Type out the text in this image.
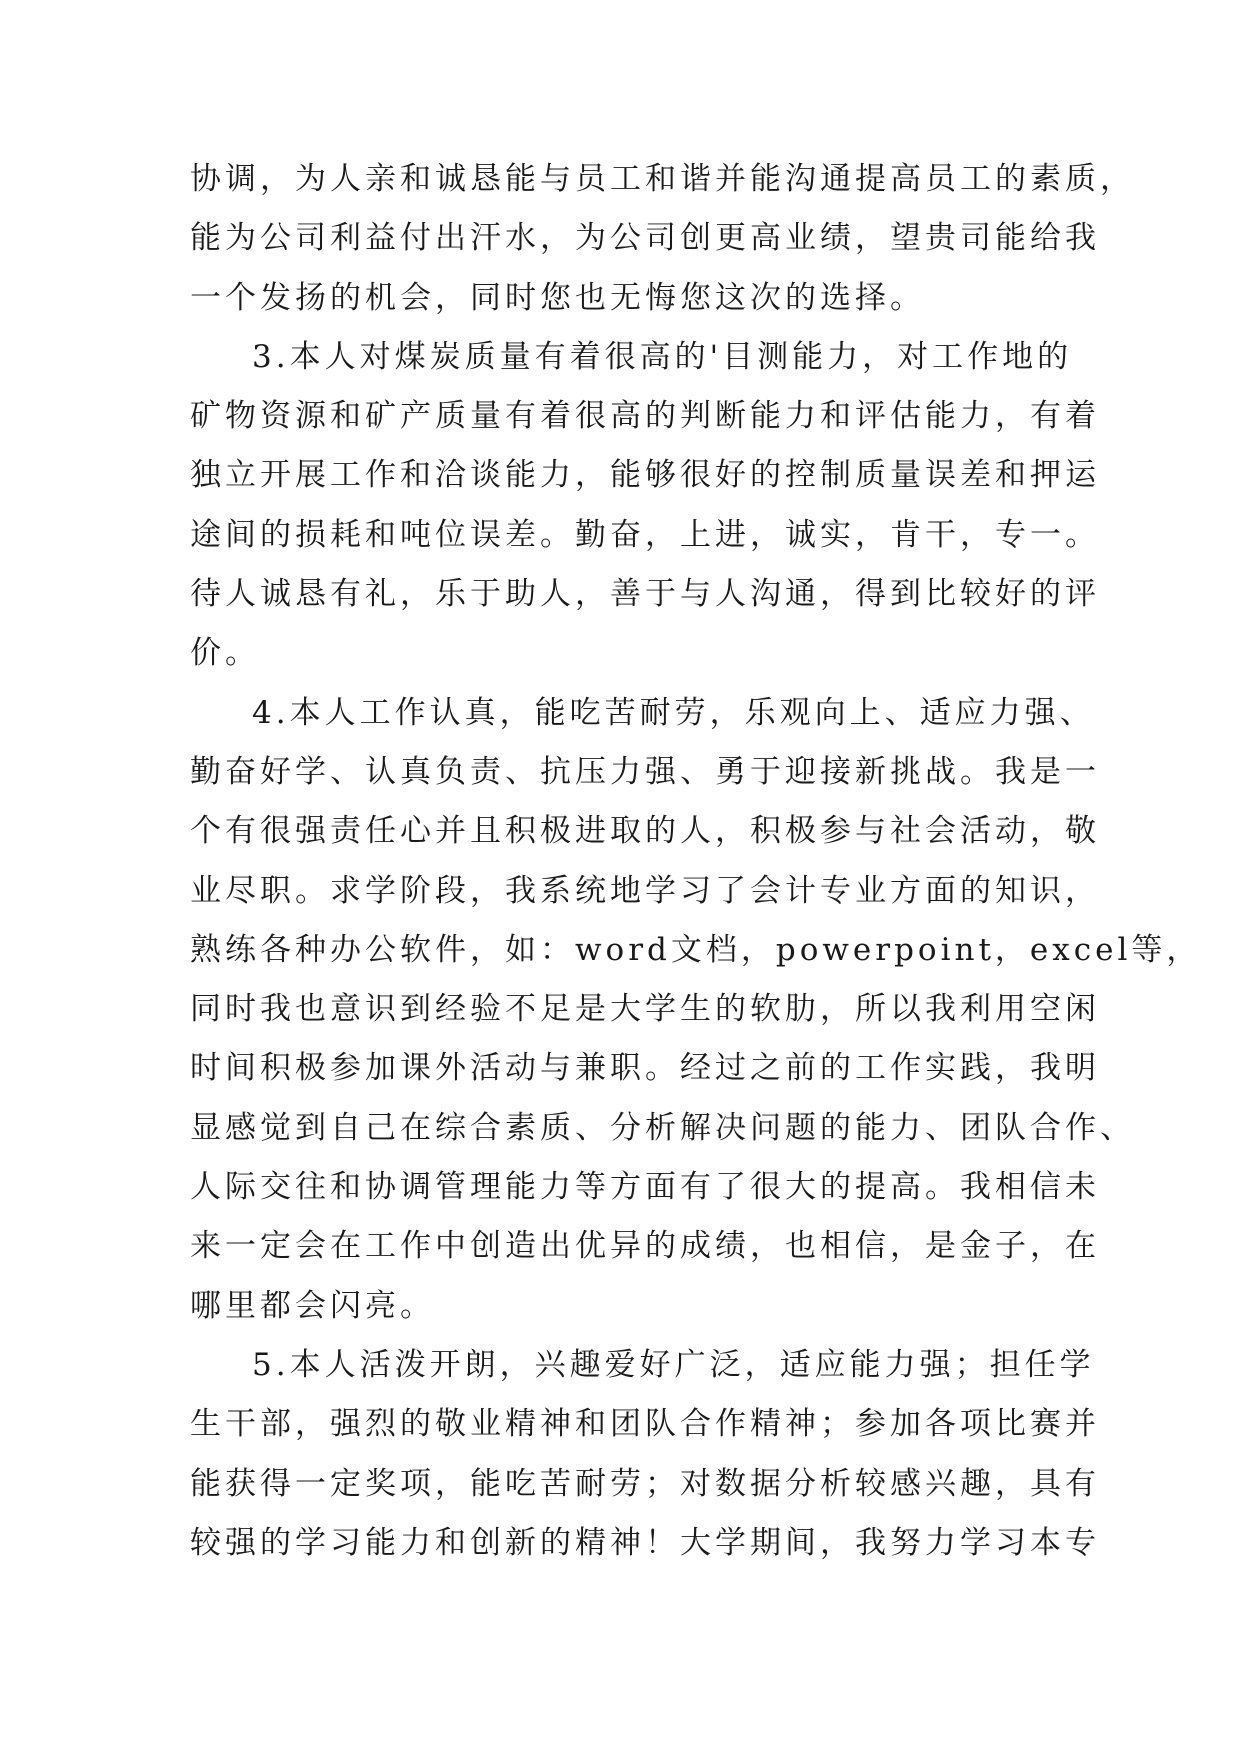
协调，为人亲和诚恳能与员工和谐并能沟通提高员工的素质，
能为公司利益付出汗水，为公司创更高业绩，望贵司能给我
一个发扬的机会，同时您也无悔您这次的选择。
3.本人对煤炭质量有着很高的'目测能力，对工作地的
矿物资源和矿产质量有着很高的判断能力和评估能力，有着
独立开展工作和洽谈能力，能够很好的控制质量误差和押运
途间的损耗和吨位误差。勤奋，上进，诚实，肯干，专一。
待人诚恳有礼，乐于助人，善于与人沟通，得到比较好的评
价。
4.本人工作认真，能吃苦耐劳，乐观向上、适应力强、
勤奋好学、认真负责、抗压力强、勇于迎接新挑战。我是一
个有很强责任心并且积极进取的人，积极参与社会活动，敬
业尽职。求学阶段，我系统地学习了会计专业方面的知识，
熟练各种办公软件，如：word文档，powerpoint，excel等，
同时我也意识到经验不足是大学生的软肋，所以我利用空闲
时间积极参加课外活动与兼职。经过之前的工作实践，我明
显感觉到自己在综合素质、分析解决问题的能力、团队合作、
人际交往和协调管理能力等方面有了很大的提高。我相信未
来一定会在工作中创造出优异的成绩，也相信，是金子，在
哪里都会闪亮。
5.本人活泼开朗，兴趣爱好广泛，适应能力强；担任学
生干部，强烈的敬业精神和团队合作精神；参加各项比赛并
能获得一定奖项，能吃苦耐劳；对数据分析较感兴趣，具有
较强的学习能力和创新的精神！大学期间，我努力学习本专
